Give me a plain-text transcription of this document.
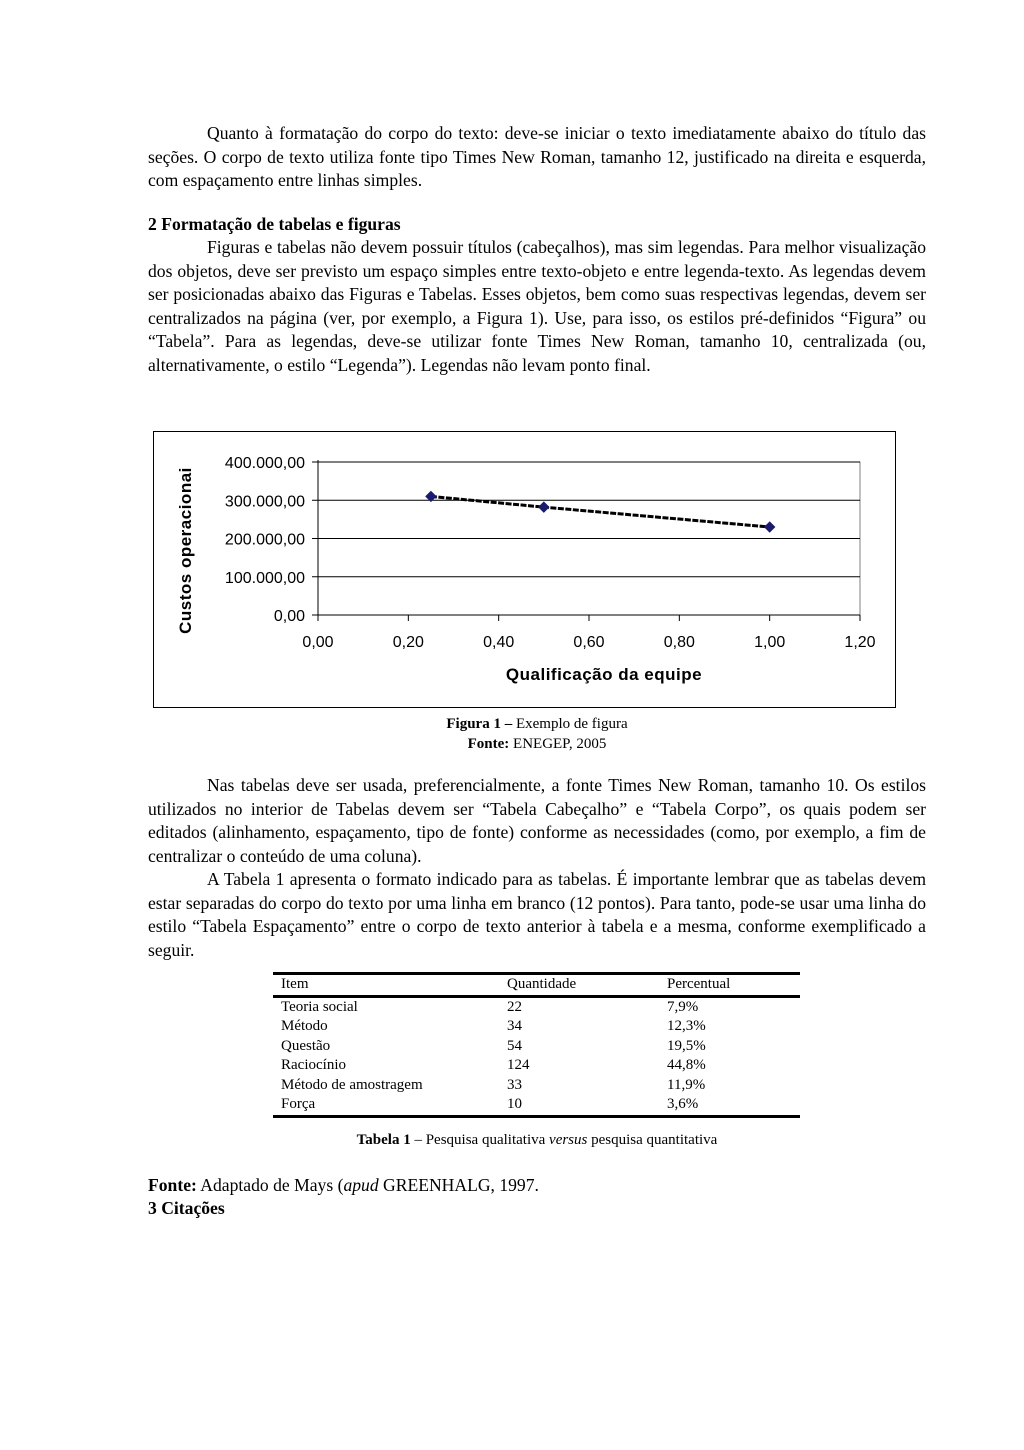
Quanto à formatação do corpo do texto: deve-se iniciar o texto imediatamente abaixo do título das seções. O corpo de texto utiliza fonte tipo Times New Roman, tamanho 12, justificado na direita e esquerda, com espaçamento entre linhas simples.

2 Formatação de tabelas e figuras

Figuras e tabelas não devem possuir títulos (cabeçalhos), mas sim legendas. Para melhor visualização dos objetos, deve ser previsto um espaço simples entre texto-objeto e entre legenda-texto. As legendas devem ser posicionadas abaixo das Figuras e Tabelas. Esses objetos, bem como suas respectivas legendas, devem ser centralizados na página (ver, por exemplo, a Figura 1). Use, para isso, os estilos pré-definidos “Figura” ou “Tabela”. Para as legendas, deve-se utilizar fonte Times New Roman, tamanho 10, centralizada (ou, alternativamente, o estilo “Legenda”). Legendas não levam ponto final.

0,00
100.000,00
200.000,00
300.000,00
400.000,00
0,00	0,20	0,40	0,60	0,80	1,00	1,20
Qualificação da equipe
Custos operacionai
Figura 1 – Exemplo de figura
Fonte: ENEGEP, 2005

Nas tabelas deve ser usada, preferencialmente, a fonte Times New Roman, tamanho 10. Os estilos utilizados no interior de Tabelas devem ser “Tabela Cabeçalho” e “Tabela Corpo”, os quais podem ser editados (alinhamento, espaçamento, tipo de fonte) conforme as necessidades (como, por exemplo, a fim de centralizar o conteúdo de uma coluna).

A Tabela 1 apresenta o formato indicado para as tabelas. É importante lembrar que as tabelas devem estar separadas do corpo do texto por uma linha em branco (12 pontos). Para tanto, pode-se usar uma linha do estilo “Tabela Espaçamento” entre o corpo de texto anterior à tabela e a mesma, conforme exemplificado a seguir.

Item	Quantidade	Percentual
Teoria social	22	7,9%
Método	34	12,3%
Questão	54	19,5%
Raciocínio	124	44,8%
Método de amostragem	33	11,9%
Força	10	3,6%
Tabela 1 – Pesquisa qualitativa versus pesquisa quantitativa
Fonte: Adaptado de Mays (apud GREENHALG, 1997.
3 Citações
